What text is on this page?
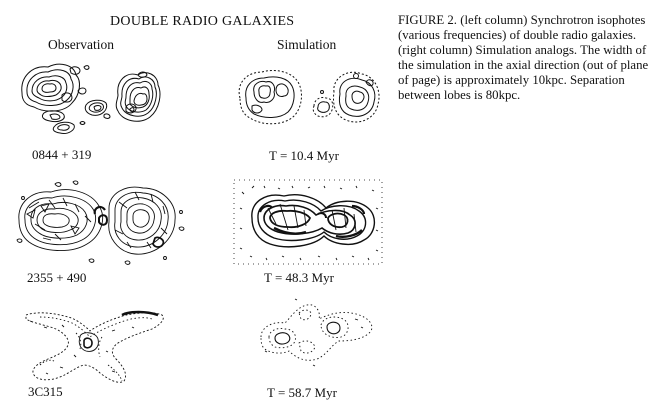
DOUBLE RADIO GALAXIES
Observation	Simulation
0844 + 319	T = 10.4 Myr
2355 + 490	T = 48.3 Myr
3C315	T = 58.7 Myr
FIGURE 2. (left column) Synchrotron isophotes (various frequencies) of double radio galaxies. (right column) Simulation analogs. The width of the simulation in the axial direction (out of plane of page) is approximately 10kpc. Separation between lobes is 80kpc.
